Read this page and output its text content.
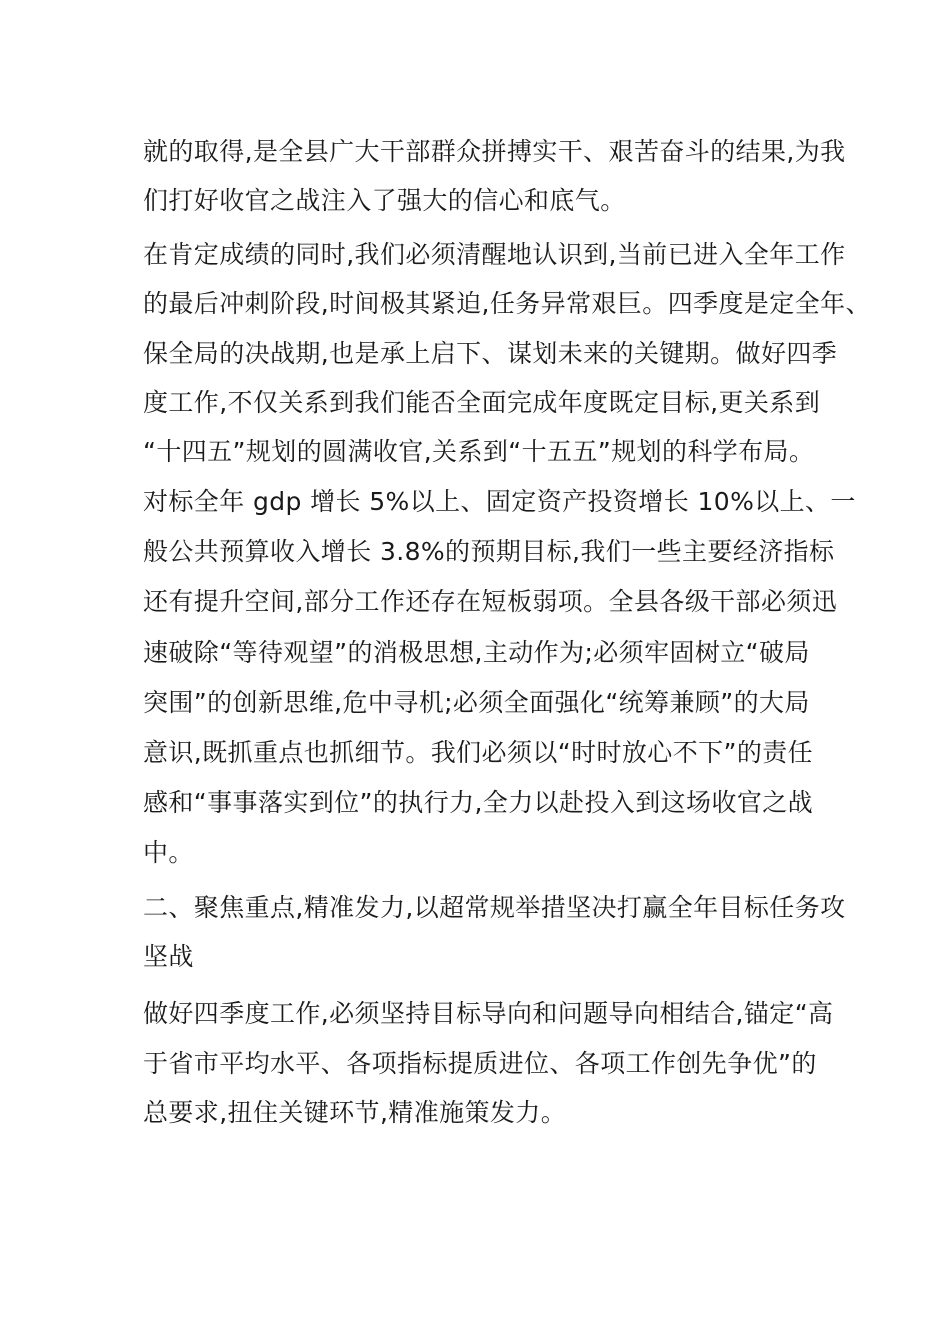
就的取得,是全县广大干部群众拼搏实干、艰苦奋斗的结果,为我
们打好收官之战注入了强大的信心和底气。
在肯定成绩的同时,我们必须清醒地认识到,当前已进入全年工作
的最后冲刺阶段,时间极其紧迫,任务异常艰巨。四季度是定全年、
保全局的决战期,也是承上启下、谋划未来的关键期。做好四季
度工作,不仅关系到我们能否全面完成年度既定目标,更关系到
“十四五”规划的圆满收官,关系到“十五五”规划的科学布局。
对标全年 gdp 增长 5%以上、固定资产投资增长 10%以上、一
般公共预算收入增长 3.8%的预期目标,我们一些主要经济指标
还有提升空间,部分工作还存在短板弱项。全县各级干部必须迅
速破除“等待观望”的消极思想,主动作为;必须牢固树立“破局
突围”的创新思维,危中寻机;必须全面强化“统筹兼顾”的大局
意识,既抓重点也抓细节。我们必须以“时时放心不下”的责任
感和“事事落实到位”的执行力,全力以赴投入到这场收官之战
中。
二、聚焦重点,精准发力,以超常规举措坚决打赢全年目标任务攻
坚战
做好四季度工作,必须坚持目标导向和问题导向相结合,锚定“高
于省市平均水平、各项指标提质进位、各项工作创先争优”的
总要求,扭住关键环节,精准施策发力。
